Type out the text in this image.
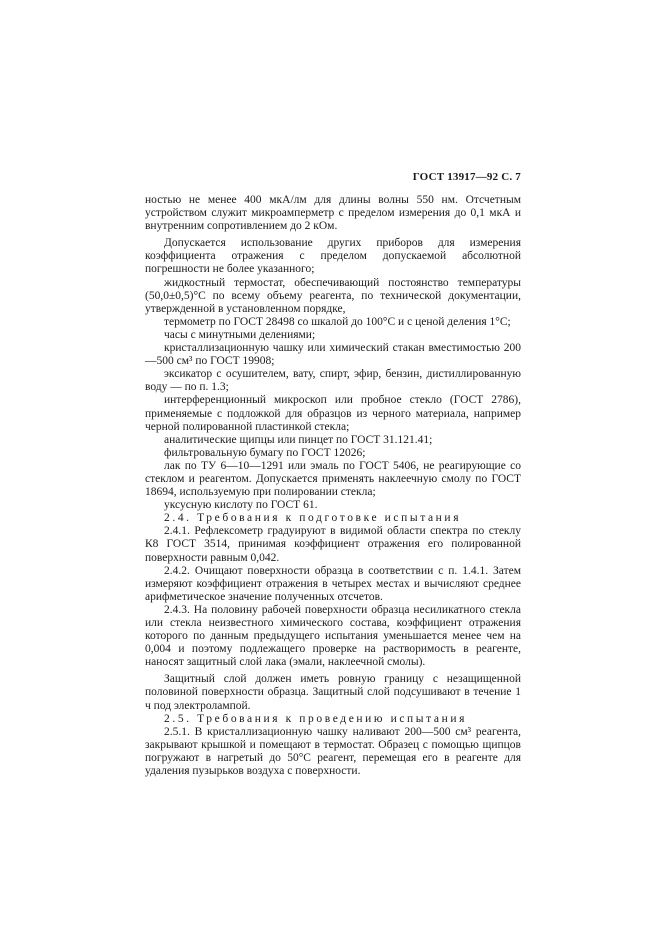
ГОСТ 13917—92 С. 7

ностью не менее 400 мкА/лм для длины волны 550 нм. Отсчетным устройством служит микроамперметр с пределом измерения до 0,1 мкА и внутренним сопротивлением до 2 кОм.

Допускается использование других приборов для измерения коэффициента отражения с пределом допускаемой абсолютной погрешности не более указанного;

жидкостный термостат, обеспечивающий постоянство температуры (50,0±0,5)°С по всему объему реагента, по технической документации, утвержденной в установленном порядке,

термометр по ГОСТ 28498 со шкалой до 100°С и с ценой деления 1°С;

часы с минутными делениями;

кристаллизационную чашку или химический стакан вместимостью 200—500 см³ по ГОСТ 19908;

эксикатор с осушителем, вату, спирт, эфир, бензин, дистиллированную воду — по п. 1.3;

интерференционный микроскоп или пробное стекло (ГОСТ 2786), применяемые с подложкой для образцов из черного материала, например черной полированной пластинкой стекла;

аналитические щипцы или пинцет по ГОСТ 31.121.41;

фильтровальную бумагу по ГОСТ 12026;

лак по ТУ 6—10—1291 или эмаль по ГОСТ 5406, не реагирующие со стеклом и реагентом. Допускается применять наклеечную смолу по ГОСТ 18694, используемую при полировании стекла;

уксусную кислоту по ГОСТ 61.

2.4. Требования к подготовке испытания

2.4.1. Рефлексометр градуируют в видимой области спектра по стеклу К8 ГОСТ 3514, принимая коэффициент отражения его полированной поверхности равным 0,042.

2.4.2. Очищают поверхности образца в соответствии с п. 1.4.1. Затем измеряют коэффициент отражения в четырех местах и вычисляют среднее арифметическое значение полученных отсчетов.

2.4.3. На половину рабочей поверхности образца несиликатного стекла или стекла неизвестного химического состава, коэффициент отражения которого по данным предыдущего испытания уменьшается менее чем на 0,004 и поэтому подлежащего проверке на растворимость в реагенте, наносят защитный слой лака (эмали, наклеечной смолы).

Защитный слой должен иметь ровную границу с незащищенной половиной поверхности образца. Защитный слой подсушивают в течение 1 ч под электролампой.

2.5. Требования к проведению испытания

2.5.1. В кристаллизационную чашку наливают 200—500 см³ реагента, закрывают крышкой и помещают в термостат. Образец с помощью щипцов погружают в нагретый до 50°С реагент, перемещая его в реагенте для удаления пузырьков воздуха с поверхности.
